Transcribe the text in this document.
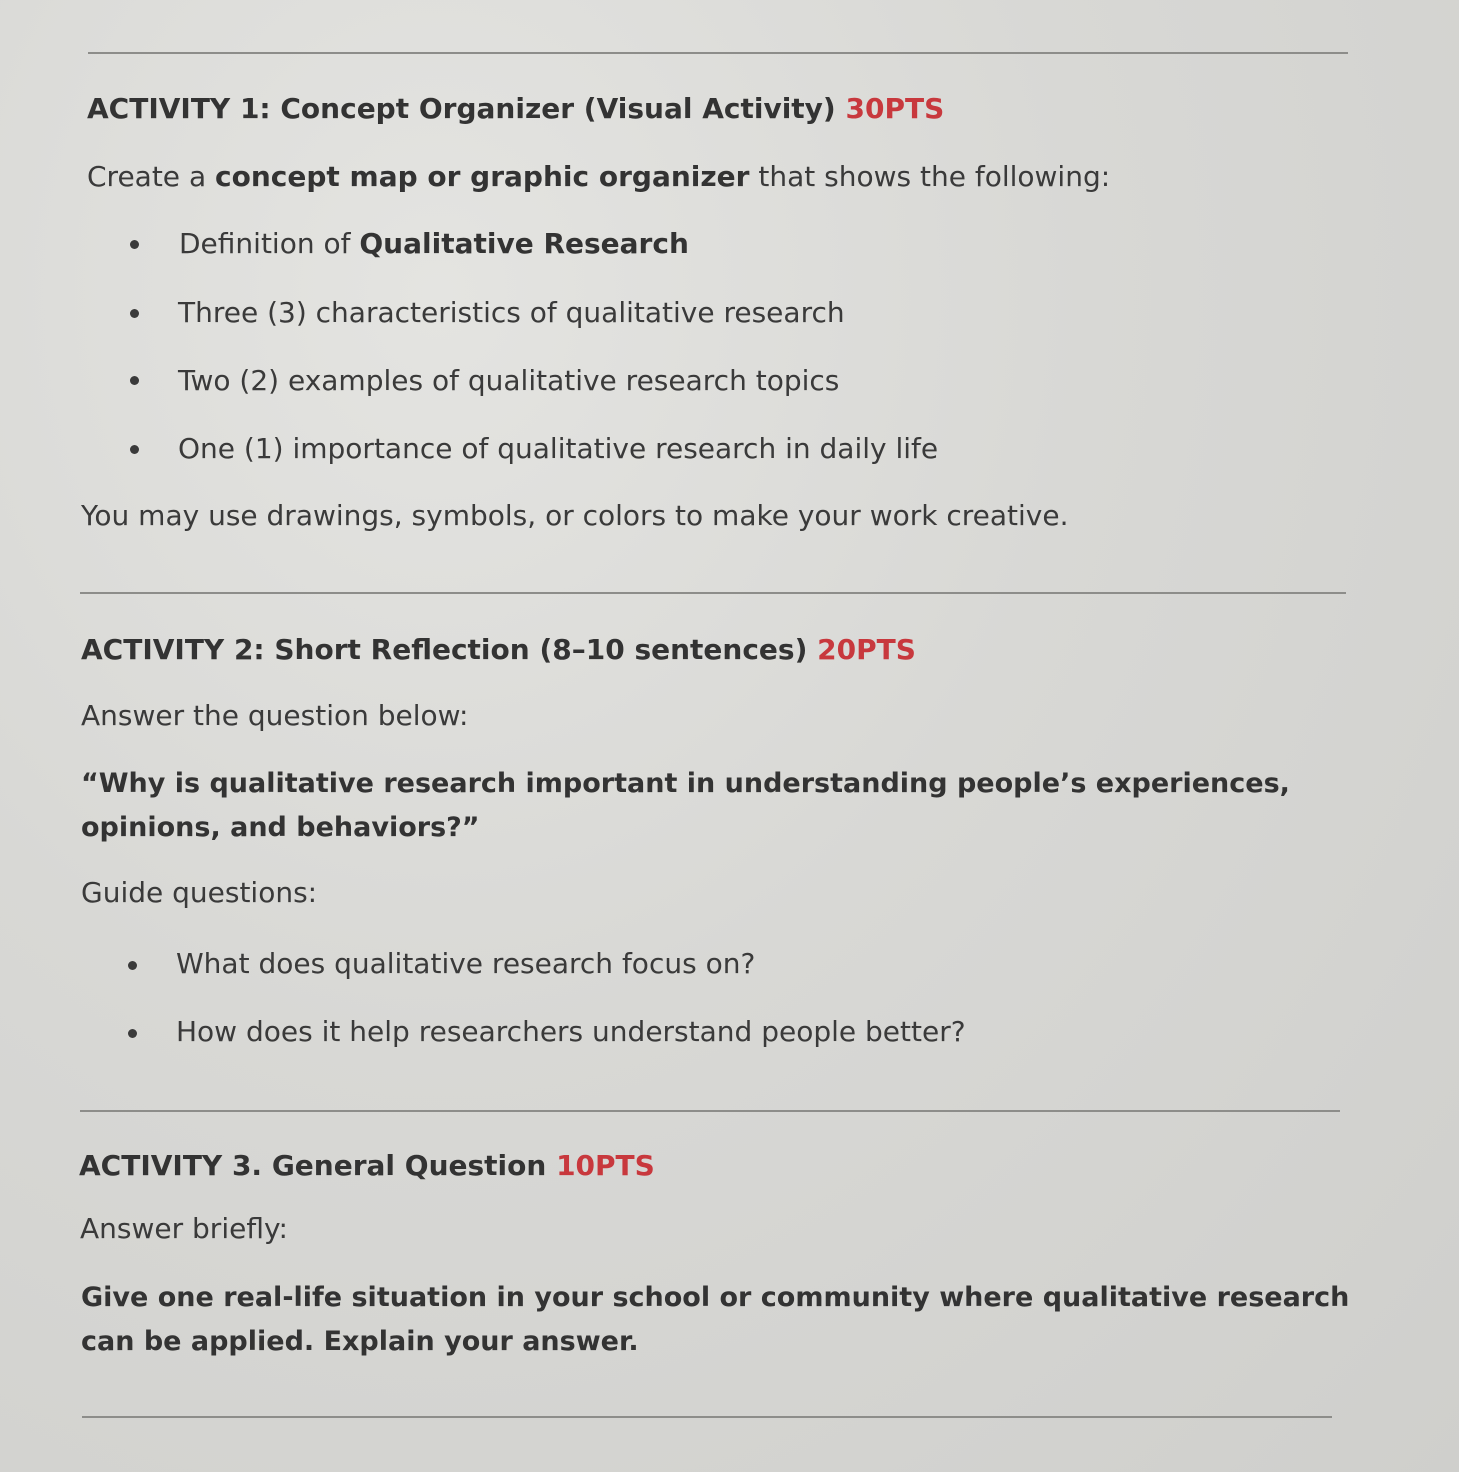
ACTIVITY 1: Concept Organizer (Visual Activity) 30PTS
Create a concept map or graphic organizer that shows the following:
Definition of Qualitative Research
Three (3) characteristics of qualitative research
Two (2) examples of qualitative research topics
One (1) importance of qualitative research in daily life
You may use drawings, symbols, or colors to make your work creative.
ACTIVITY 2: Short Reflection (8–10 sentences) 20PTS
Answer the question below:
“Why is qualitative research important in understanding people’s experiences,
opinions, and behaviors?”
Guide questions:
What does qualitative research focus on?
How does it help researchers understand people better?
ACTIVITY 3. General Question 10PTS
Answer briefly:
Give one real-life situation in your school or community where qualitative research
can be applied. Explain your answer.
